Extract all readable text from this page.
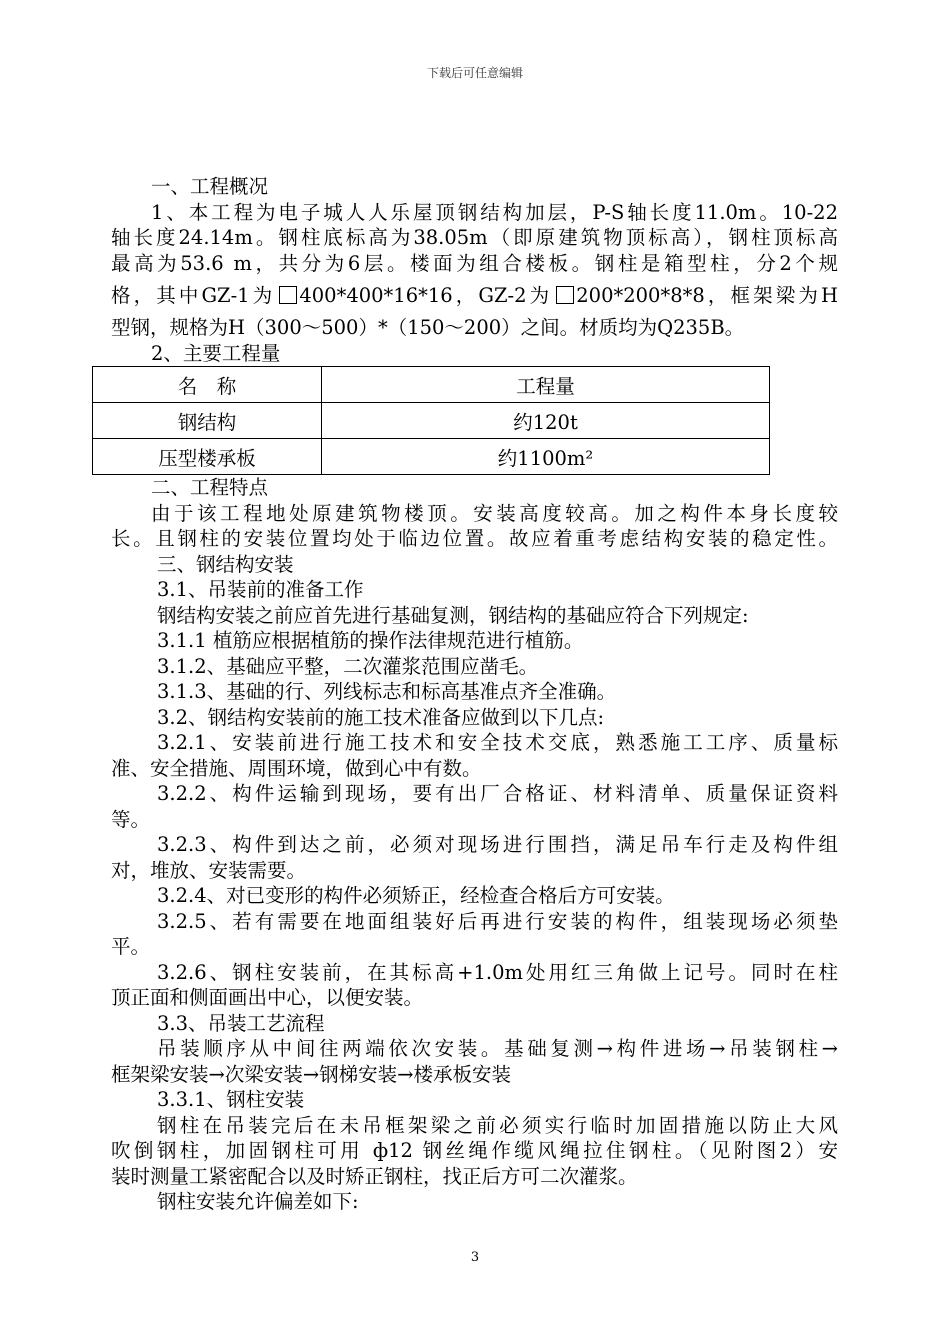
下载后可任意编辑
一、工程概况
1、本工程为电子城人人乐屋顶钢结构加层，P-S轴长度11.0m。10-22
轴长度24.14m。钢柱底标高为38.05m（即原建筑物顶标高），钢柱顶标高
最高为53.6 m，共分为6层。楼面为组合楼板。钢柱是箱型柱，分2个规
格，其中GZ-1为 400*400*16*16，GZ-2为 200*200*8*8，框架梁为H
型钢，规格为H（300～500）*（150～200）之间。材质均为Q235B。
2、主要工程量
名　称	工程量
钢结构	约120t
压型楼承板	约1100m²
二、工程特点
由于该工程地处原建筑物楼顶。安装高度较高。加之构件本身长度较
长。且钢柱的安装位置均处于临边位置。故应着重考虑结构安装的稳定性。
三、钢结构安装
3.1、吊装前的准备工作
钢结构安装之前应首先进行基础复测，钢结构的基础应符合下列规定:
3.1.1 植筋应根据植筋的操作法律规范进行植筋。
3.1.2、基础应平整，二次灌浆范围应凿毛。
3.1.3、基础的行、列线标志和标高基准点齐全准确。
3.2、钢结构安装前的施工技术准备应做到以下几点:
3.2.1、安装前进行施工技术和安全技术交底，熟悉施工工序、质量标
准、安全措施、周围环境，做到心中有数。
3.2.2、构件运输到现场，要有出厂合格证、材料清单、质量保证资料
等。
3.2.3、构件到达之前，必须对现场进行围挡，满足吊车行走及构件组
对，堆放、安装需要。
3.2.4、对已变形的构件必须矫正，经检查合格后方可安装。
3.2.5、若有需要在地面组装好后再进行安装的构件，组装现场必须垫
平。
3.2.6、钢柱安装前，在其标高+1.0m处用红三角做上记号。同时在柱
顶正面和侧面画出中心，以便安装。
3.3、吊装工艺流程
吊装顺序从中间往两端依次安装。基础复测→构件进场→吊装钢柱→
框架梁安装→次梁安装→钢梯安装→楼承板安装
3.3.1、钢柱安装
钢柱在吊装完后在未吊框架梁之前必须实行临时加固措施以防止大风
吹倒钢柱，加固钢柱可用 ф12 钢丝绳作缆风绳拉住钢柱。（见附图2）安
装时测量工紧密配合以及时矫正钢柱，找正后方可二次灌浆。
钢柱安装允许偏差如下:
3
